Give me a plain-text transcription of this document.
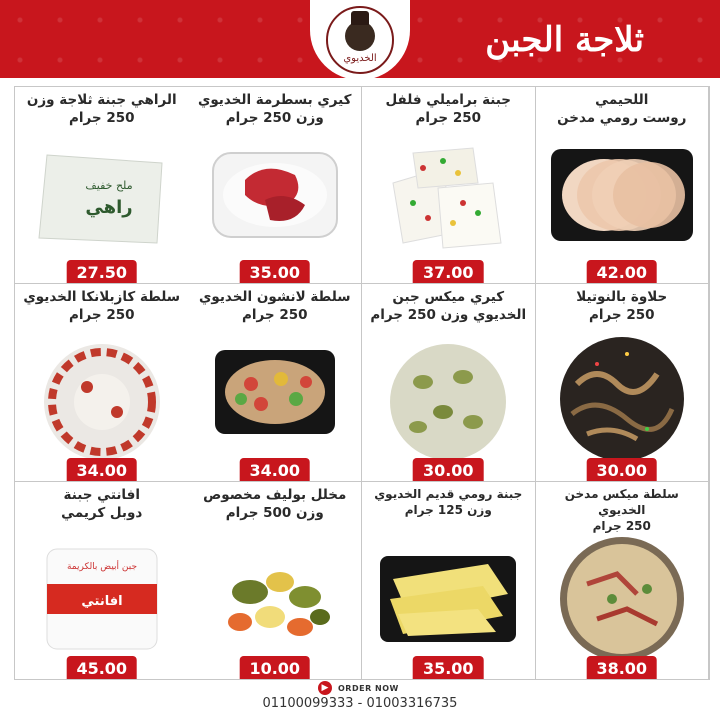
ثلاجة الجبن
الخديوي
اللحيمي
روست رومي مدخن
42.00
جبنة براميلي فلفل
250 جرام
37.00
كيري بسطرمة الخديوي
وزن 250 جرام
35.00
الراهي جبنة ثلاجة وزن
250 جرام
ملح خفيف
راهي
27.50
حلاوة بالنوتيلا
250 جرام
30.00
كيري ميكس جبن
الخديوي وزن 250 جرام
30.00
سلطة لانشون الخديوي
250 جرام
34.00
سلطة كازبلانكا الخديوي
250 جرام
34.00
سلطة ميكس مدخن الخديوي
250 جرام
38.00
جبنة رومي قديم الخديوي
وزن 125 جرام
35.00
مخلل بوليف مخصوص
وزن 500 جرام
10.00
افانتي جبنة
دوبل كريمي
افانتي
جبن أبيض بالكريمة
45.00
▶	ORDER NOW
01100099333 - 01003316735
